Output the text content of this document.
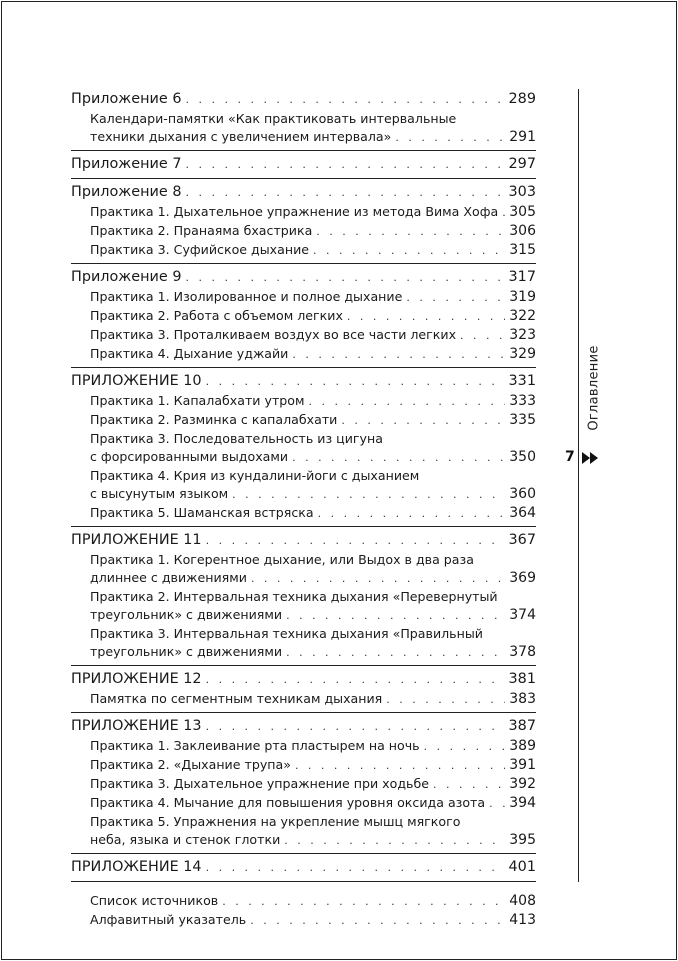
Приложение 6 . . .	289
Календари-памятки «Как практиковать интервальные
техники дыхания с увеличением интервала» . . .	291
Приложение 7 . . .	297
Приложение 8 . . .	303
Практика 1. Дыхательное упражнение из метода Вима Хофа . . . 305
Практика 2. Пранаяма бхастрика . . .	306
Практика 3. Суфийское дыхание . . .	315
Приложение 9 . . .	317
Практика 1. Изолированное и полное дыхание . . .	319
Практика 2. Работа с объемом легких . . .	322
Практика 3. Проталкиваем воздух во все части легких . . .	323
Практика 4. Дыхание уджайи . . .	329
ПРИЛОЖЕНИЕ 10 . . .	331
Практика 1. Капалабхати утром . . .	333
Практика 2. Разминка с капалабхати . . .	335
Практика 3. Последовательность из цигуна
с форсированными выдохами . . .	350
Практика 4. Крия из кундалини-йоги с дыханием
с высунутым языком . . .	360
Практика 5. Шаманская встряска . . .	364
ПРИЛОЖЕНИЕ 11 . . .	367
Практика 1. Когерентное дыхание, или Выдох в два раза
длиннее с движениями . . .	369
Практика 2. Интервальная техника дыхания «Перевернутый
треугольник» с движениями . . .	374
Практика 3. Интервальная техника дыхания «Правильный
треугольник» с движениями . . .	378
ПРИЛОЖЕНИЕ 12 . . .	381
Памятка по сегментным техникам дыхания . . .	383
ПРИЛОЖЕНИЕ 13 . . .	387
Практика 1. Заклеивание рта пластырем на ночь . . .	389
Практика 2. «Дыхание трупа» . . .	391
Практика 3. Дыхательное упражнение при ходьбе . . .	392
Практика 4. Мычание для повышения уровня оксида азота . . . 394
Практика 5. Упражнения на укрепление мышц мягкого
неба, языка и стенок глотки . . .	395
ПРИЛОЖЕНИЕ 14 . . .	401
Список источников . . .	408
Алфавитный указатель . . .	413
Оглавление
7
